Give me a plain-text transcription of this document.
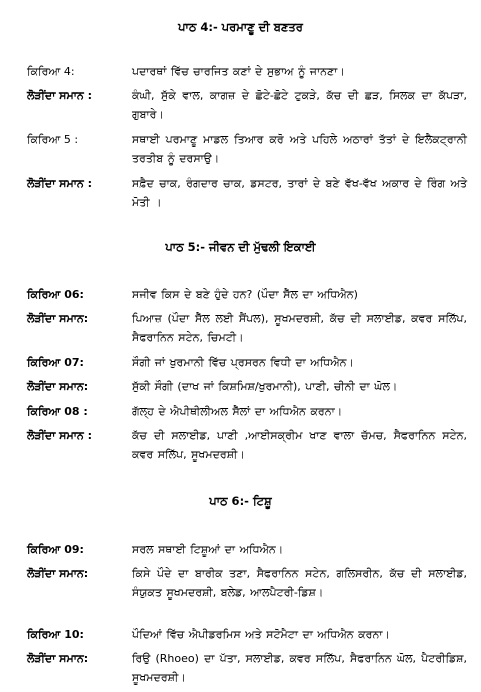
ਪਾਠ 4:- ਪਰਮਾਣੂ ਦੀ ਬਣਤਰ
ਕਿਰਿਆ 4:	ਪਦਾਰਥਾਂ ਵਿੱਚ ਚਾਰਜਿਤ ਕਣਾਂ ਦੇ ਸੁਭਾਅ ਨੂੰ ਜਾਨਣਾ।
ਲੋੜੀਂਦਾ ਸਮਾਨ :	ਕੰਘੀ, ਸੁੱਕੇ ਵਾਲ, ਕਾਗਜ਼ ਦੇ ਛੋਟੇ-ਛੋਟੇ ਟੁਕੜੇ, ਕੱਚ ਦੀ ਛੜ, ਸਿਲਕ ਦਾ ਕੱਪੜਾ, ਗੁਬਾਰੇ।
ਕਿਰਿਆ 5 :	ਸਥਾਈ ਪਰਮਾਣੂ ਮਾਡਲ ਤਿਆਰ ਕਰੋ ਅਤੇ ਪਹਿਲੇ ਅਠਾਰਾਂ ਤੱਤਾਂ ਦੇ ਇਲੈਕਟ੍ਰਾਨੀ ਤਰਤੀਬ ਨੂੰ ਦਰਸਾਉ।
ਲੋੜੀਂਦਾ ਸਮਾਨ :	ਸਫ਼ੈਦ ਚਾਕ, ਰੰਗਦਾਰ ਚਾਕ, ਡਸਟਰ, ਤਾਰਾਂ ਦੇ ਬਣੇ ਵੱਖ-ਵੱਖ ਅਕਾਰ ਦੇ ਰਿੰਗ ਅਤੇ ਮੋਤੀ ।
ਪਾਠ 5:- ਜੀਵਨ ਦੀ ਮੁੱਢਲੀ ਇਕਾਈ
ਕਿਰਿਆ 06:	ਸਜੀਵ ਕਿਸ ਦੇ ਬਣੇ ਹੁੰਦੇ ਹਨ? (ਪੌਦਾ ਸੈੱਲ ਦਾ ਅਧਿਐਨ)
ਲੋੜੀਂਦਾ ਸਮਾਨ:	ਪਿਆਜ਼ (ਪੌਦਾ ਸੈੱਲ ਲਈ ਸੈਂਪਲ), ਸੂਖਮਦਰਸ਼ੀ, ਕੱਚ ਦੀ ਸਲਾਈਡ, ਕਵਰ ਸਲਿੱਪ, ਸੈਫਰਾਨਿਨ ਸਟੇਨ, ਚਿਮਟੀ।
ਕਿਰਿਆ 07:	ਸੌਗੀ ਜਾਂ ਖੁਰਮਾਨੀ ਵਿੱਚ ਪ੍ਰਸਰਨ ਵਿਧੀ ਦਾ ਅਧਿਐਨ।
ਲੋੜੀਂਦਾ ਸਮਾਨ:	ਸੁੱਕੀ ਸੌਗੀ (ਦਾਖ ਜਾਂ ਕਿਸ਼ਮਿਸ਼/ਖੁਰਮਾਨੀ), ਪਾਣੀ, ਚੀਨੀ ਦਾ ਘੋਲ।
ਕਿਰਿਆ 08 :	ਗੱਲ੍ਹ ਦੇ ਐਪੀਥੀਲੀਅਲ ਸੈੱਲਾਂ ਦਾ ਅਧਿਐਨ ਕਰਨਾ।
ਲੋੜੀਂਦਾ ਸਮਾਨ :	ਕੱਚ ਦੀ ਸਲਾਈਡ, ਪਾਣੀ ,ਆਈਸਕ੍ਰੀਮ ਖਾਣ ਵਾਲਾ ਚੱਮਚ, ਸੈਫਰਾਨਿਨ ਸਟੇਨ, ਕਵਰ ਸਲਿੱਪ, ਸੂਖਮਦਰਸ਼ੀ।
ਪਾਠ 6:- ਟਿਸ਼ੂ
ਕਿਰਿਆ 09:	ਸਰਲ ਸਥਾਈ ਟਿਸ਼ੂਆਂ ਦਾ ਅਧਿਐਨ।
ਲੋੜੀਂਦਾ ਸਮਾਨ:	ਕਿਸੇ ਪੌਦੇ ਦਾ ਬਾਰੀਕ ਤਣਾ, ਸੈਫਰਾਨਿਨ ਸਟੇਨ, ਗਲਿਸਰੀਨ, ਕੱਚ ਦੀ ਸਲਾਈਡ, ਸੰਯੁਕਤ ਸੂਖਮਦਰਸ਼ੀ, ਬਲੇਡ, ਆਲਪੈਟਰੀ-ਡਿਸ਼।
ਕਿਰਿਆ 10:	ਪੌਦਿਆਂ ਵਿੱਚ ਐਪੀਡਰਮਿਸ ਅਤੇ ਸਟੋਮੈਟਾ ਦਾ ਅਧਿਐਨ ਕਰਨਾ।
ਲੋੜੀਂਦਾ ਸਮਾਨ:	ਰਿਉ (Rhoeo) ਦਾ ਪੱਤਾ, ਸਲਾਈਡ, ਕਵਰ ਸਲਿੱਪ, ਸੈਫਰਾਨਿਨ ਘੋਲ, ਪੈਟਰੀਡਿਸ਼, ਸੂਖਮਦਰਸ਼ੀ।
